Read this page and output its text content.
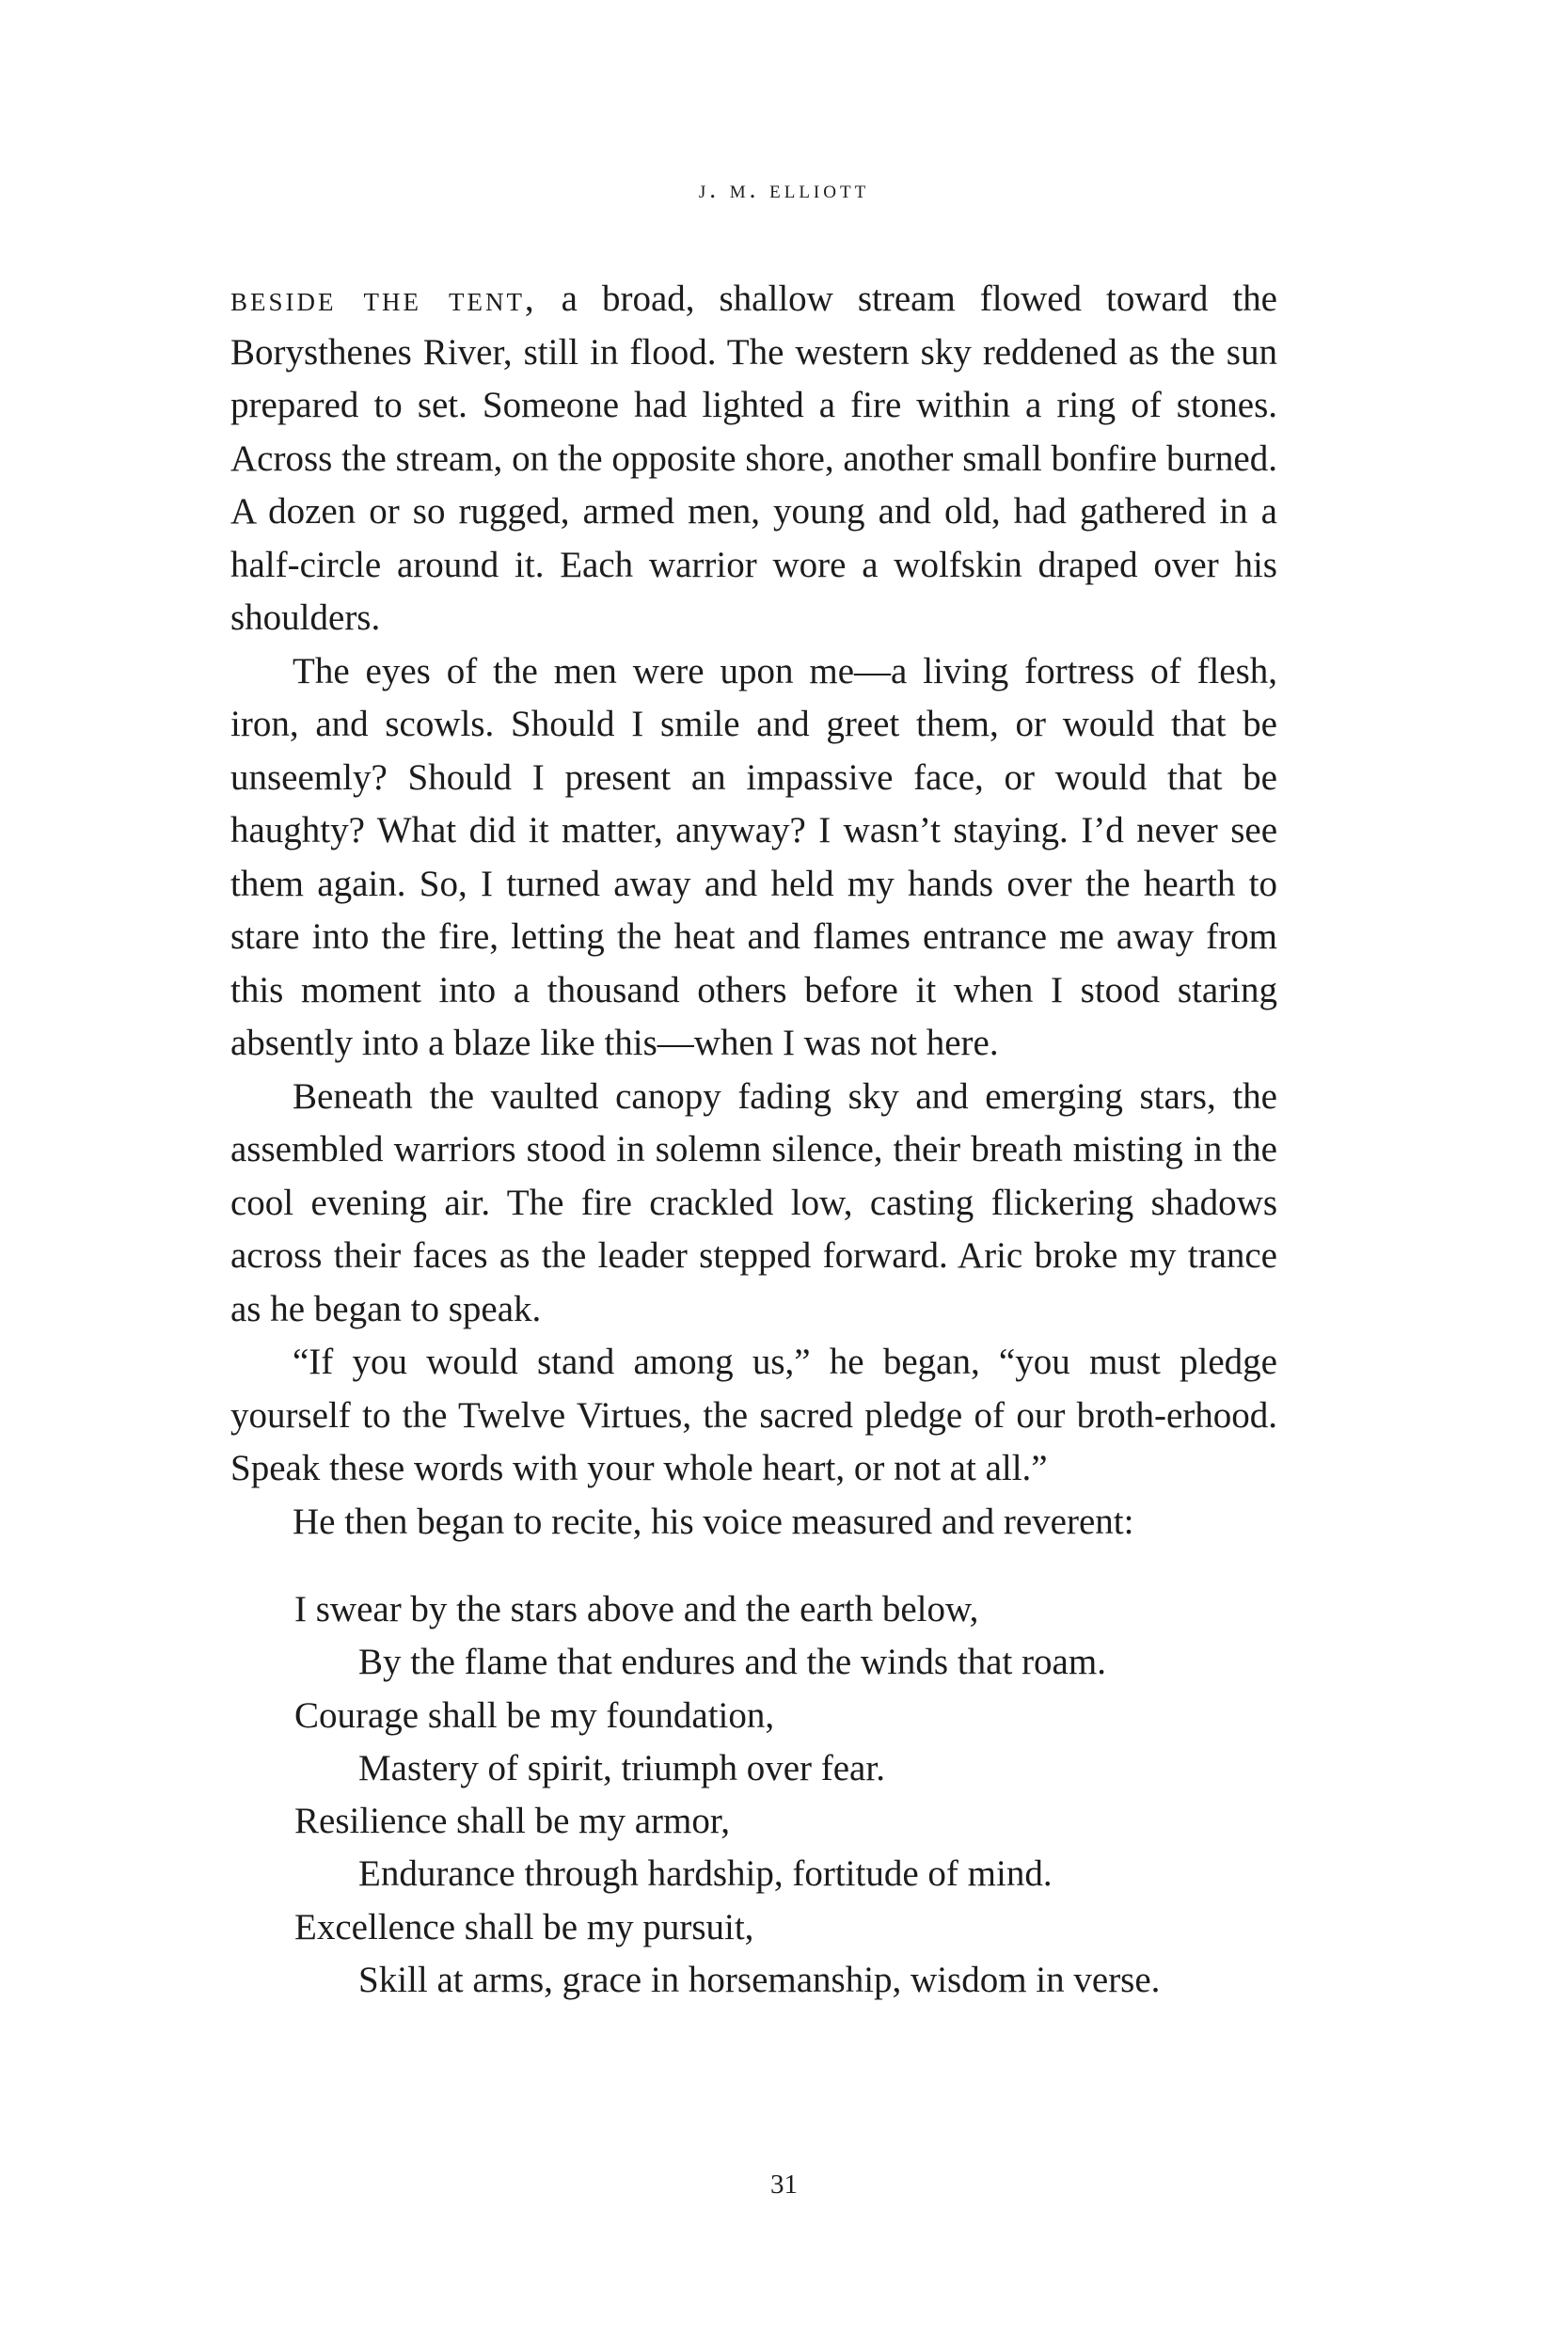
j. m. elliott

beside the tent, a broad, shallow stream flowed toward the Borysthenes River, still in flood. The western sky reddened as the sun prepared to set. Someone had lighted a fire within a ring of stones. Across the stream, on the opposite shore, another small bonfire burned. A dozen or so rugged, armed men, young and old, had gathered in a half-circle around it. Each warrior wore a wolfskin draped over his shoulders.

The eyes of the men were upon me—a living fortress of flesh, iron, and scowls. Should I smile and greet them, or would that be unseemly? Should I present an impassive face, or would that be haughty? What did it matter, anyway? I wasn’t staying. I’d never see them again. So, I turned away and held my hands over the hearth to stare into the fire, letting the heat and flames entrance me away from this moment into a thousand others before it when I stood staring absently into a blaze like this—when I was not here.

Beneath the vaulted canopy fading sky and emerging stars, the assembled warriors stood in solemn silence, their breath misting in the cool evening air. The fire crackled low, casting flickering shadows across their faces as the leader stepped forward. Aric broke my trance as he began to speak.

“If you would stand among us,” he began, “you must pledge yourself to the Twelve Virtues, the sacred pledge of our broth-erhood. Speak these words with your whole heart, or not at all.”

He then began to recite, his voice measured and reverent:

I swear by the stars above and the earth below,

By the flame that endures and the winds that roam.

Courage shall be my foundation,

Mastery of spirit, triumph over fear.

Resilience shall be my armor,

Endurance through hardship, fortitude of mind.

Excellence shall be my pursuit,

Skill at arms, grace in horsemanship, wisdom in verse.

31
